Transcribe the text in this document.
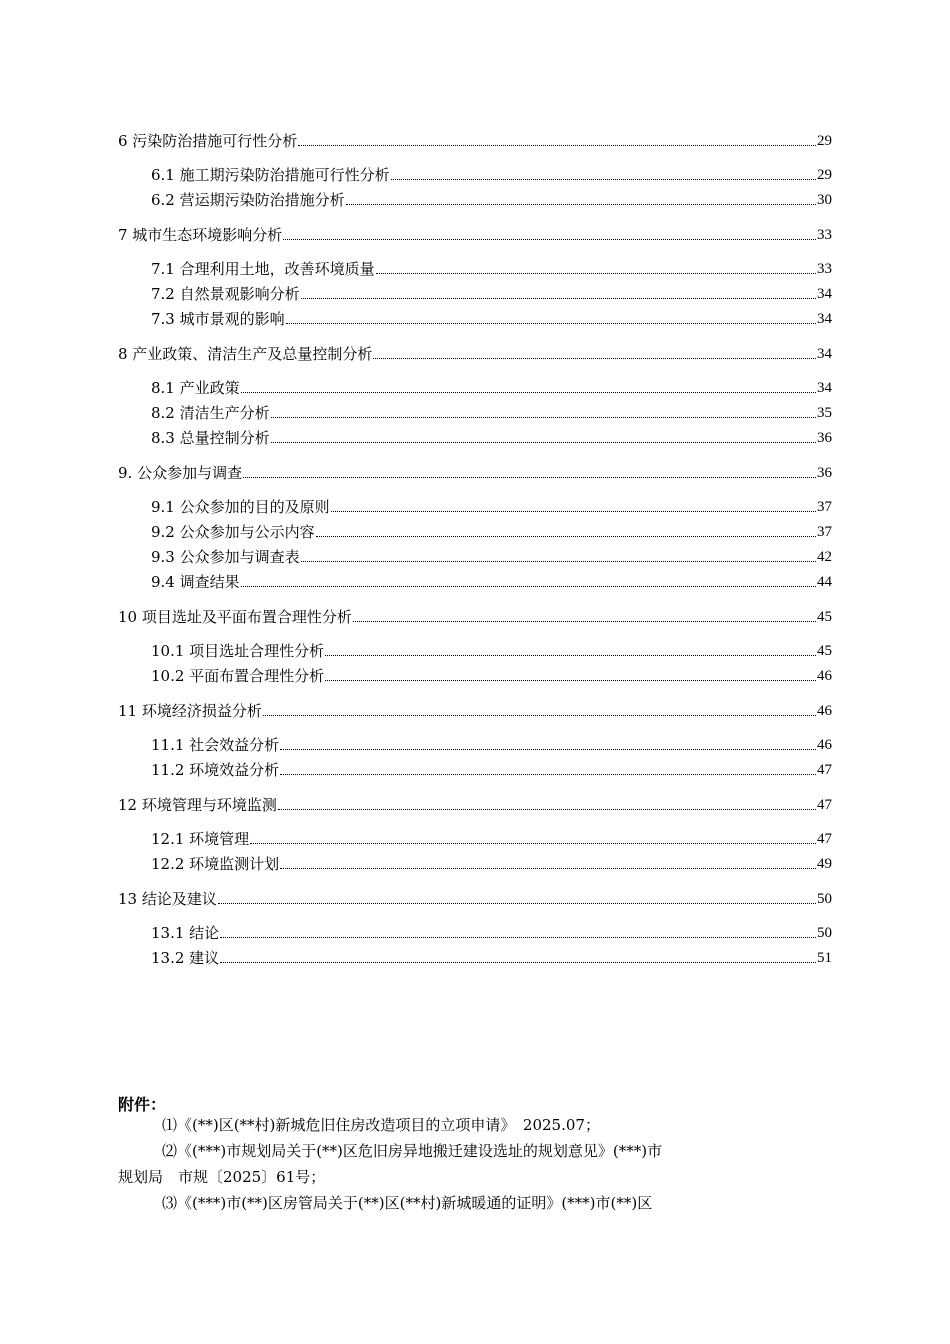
6 污染防治措施可行性分析	29
6.1 施工期污染防治措施可行性分析	29
6.2 营运期污染防治措施分析	30
7 城市生态环境影响分析	33
7.1 合理利用土地，改善环境质量	33
7.2 自然景观影响分析	34
7.3 城市景观的影响	34
8 产业政策、清洁生产及总量控制分析	34
8.1 产业政策	34
8.2 清洁生产分析	35
8.3 总量控制分析	36
9. 公众参加与调查	36
9.1 公众参加的目的及原则	37
9.2 公众参加与公示内容	37
9.3 公众参加与调查表	42
9.4 调查结果	44
10 项目选址及平面布置合理性分析	45
10.1 项目选址合理性分析	45
10.2 平面布置合理性分析	46
11 环境经济损益分析	46
11.1 社会效益分析	46
11.2 环境效益分析	47
12 环境管理与环境监测	47
12.1 环境管理	47
12.2 环境监测计划	49
13 结论及建议	50
13.1 结论	50
13.2 建议	51
附件：
⑴《(**)区(**村)新城危旧住房改造项目的立项申请》　2025.07；
⑵《(***)市规划局关于(**)区危旧房异地搬迁建设选址的规划意见》(***)市
规划局　市规〔2025〕61号；
⑶《(***)市(**)区房管局关于(**)区(**村)新城暖通的证明》(***)市(**)区
